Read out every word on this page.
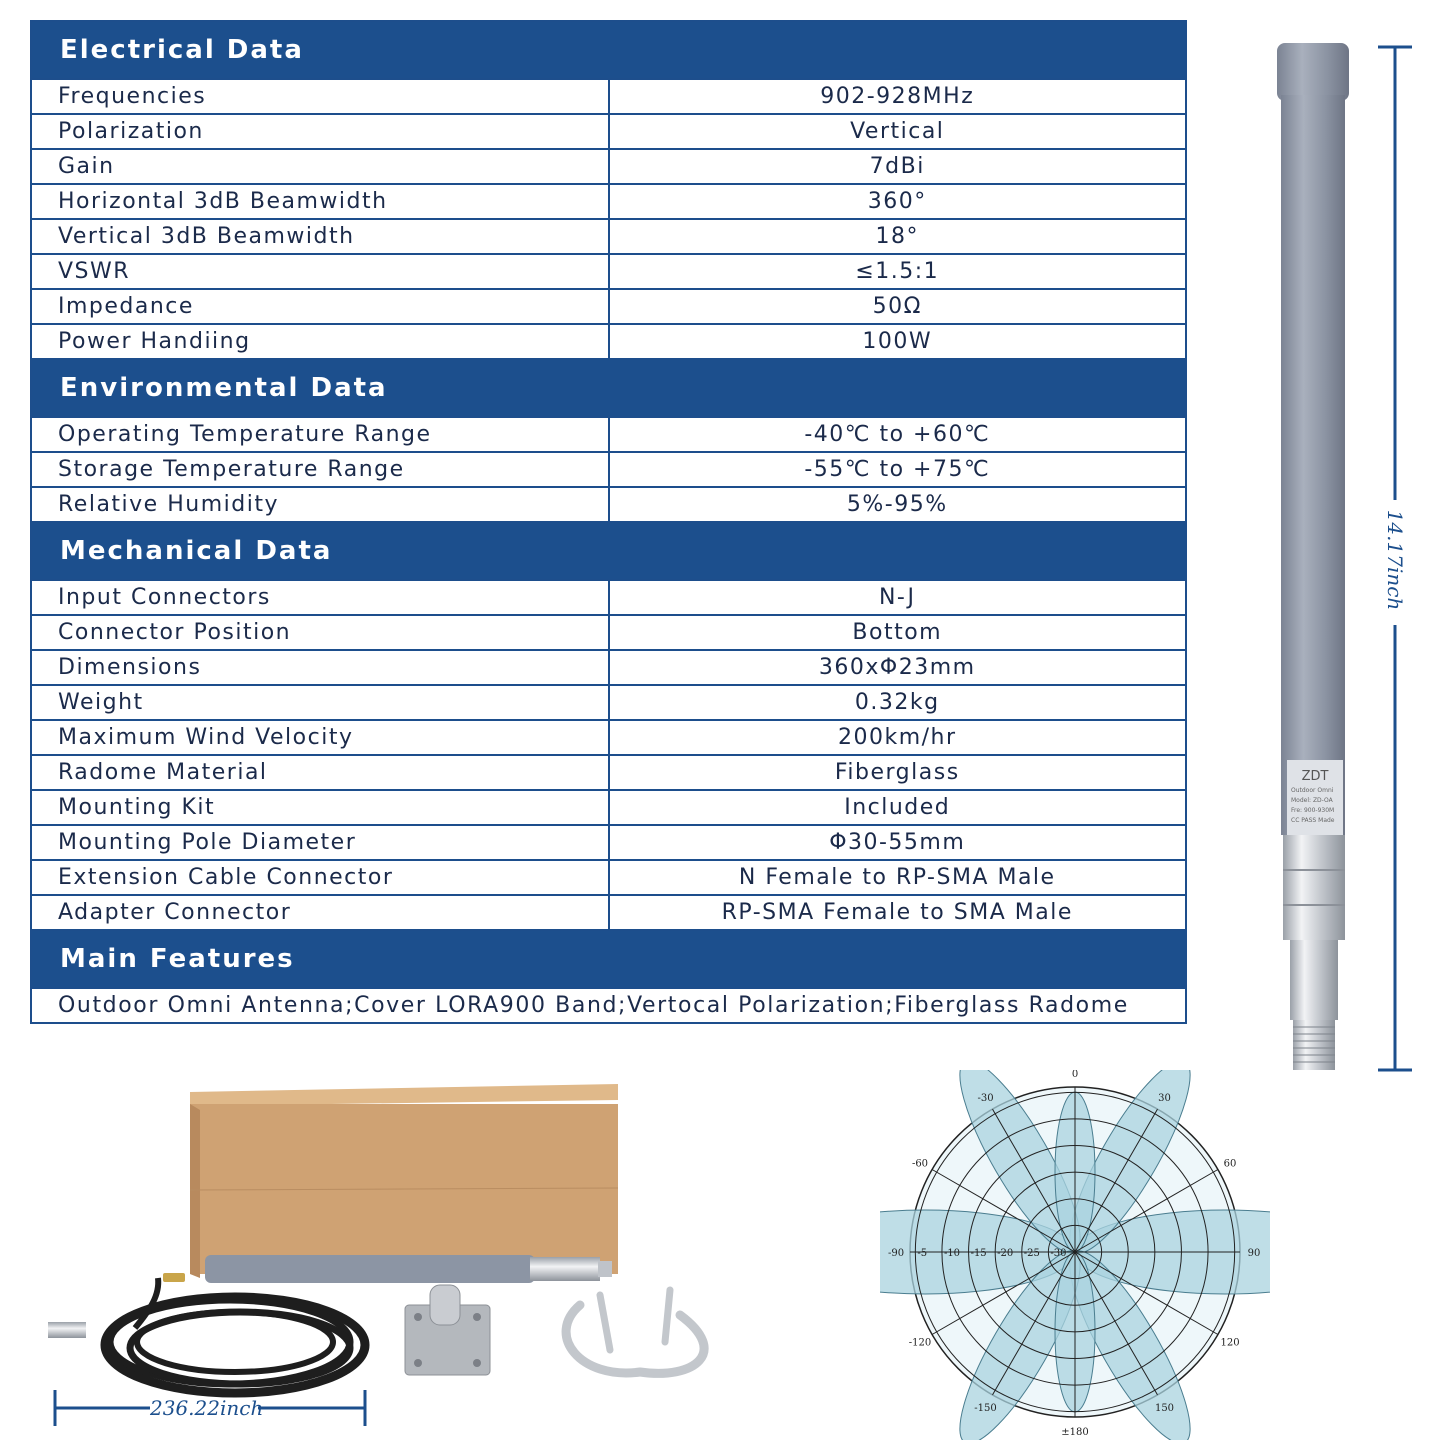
Electrical Data	
Frequencies	902-928MHz
Polarization	Vertical
Gain	7dBi
Horizontal 3dB Beamwidth	360°
Vertical 3dB Beamwidth	18°
VSWR	≤1.5:1
Impedance	50Ω
Power Handiing	100W
Environmental Data	
Operating Temperature Range	-40℃ to +60℃
Storage Temperature Range	-55℃ to +75℃
Relative Humidity	5%-95%
Mechanical Data	
Input Connectors	N-J
Connector Position	Bottom
Dimensions	360xΦ23mm
Weight	0.32kg
Maximum Wind Velocity	200km/hr
Radome Material	Fiberglass
Mounting Kit	Included
Mounting Pole Diameter	Φ30-55mm
Extension Cable Connector	N Female to RP-SMA Male
Adapter Connector	RP-SMA Female to SMA Male
Main Features	
Outdoor Omni Antenna;Cover LORA900 Band;Vertocal Polarization;Fiberglass Radome	
ZDT
Outdoor Omni
Model: ZD-OA
Fre: 900-930M
CC PASS Made
14.17inch
236.22inch
-5 -10 -15 -20 -25 -30
0
30
60
90
120
150
±180
-150
-120
-90
-60
-30
